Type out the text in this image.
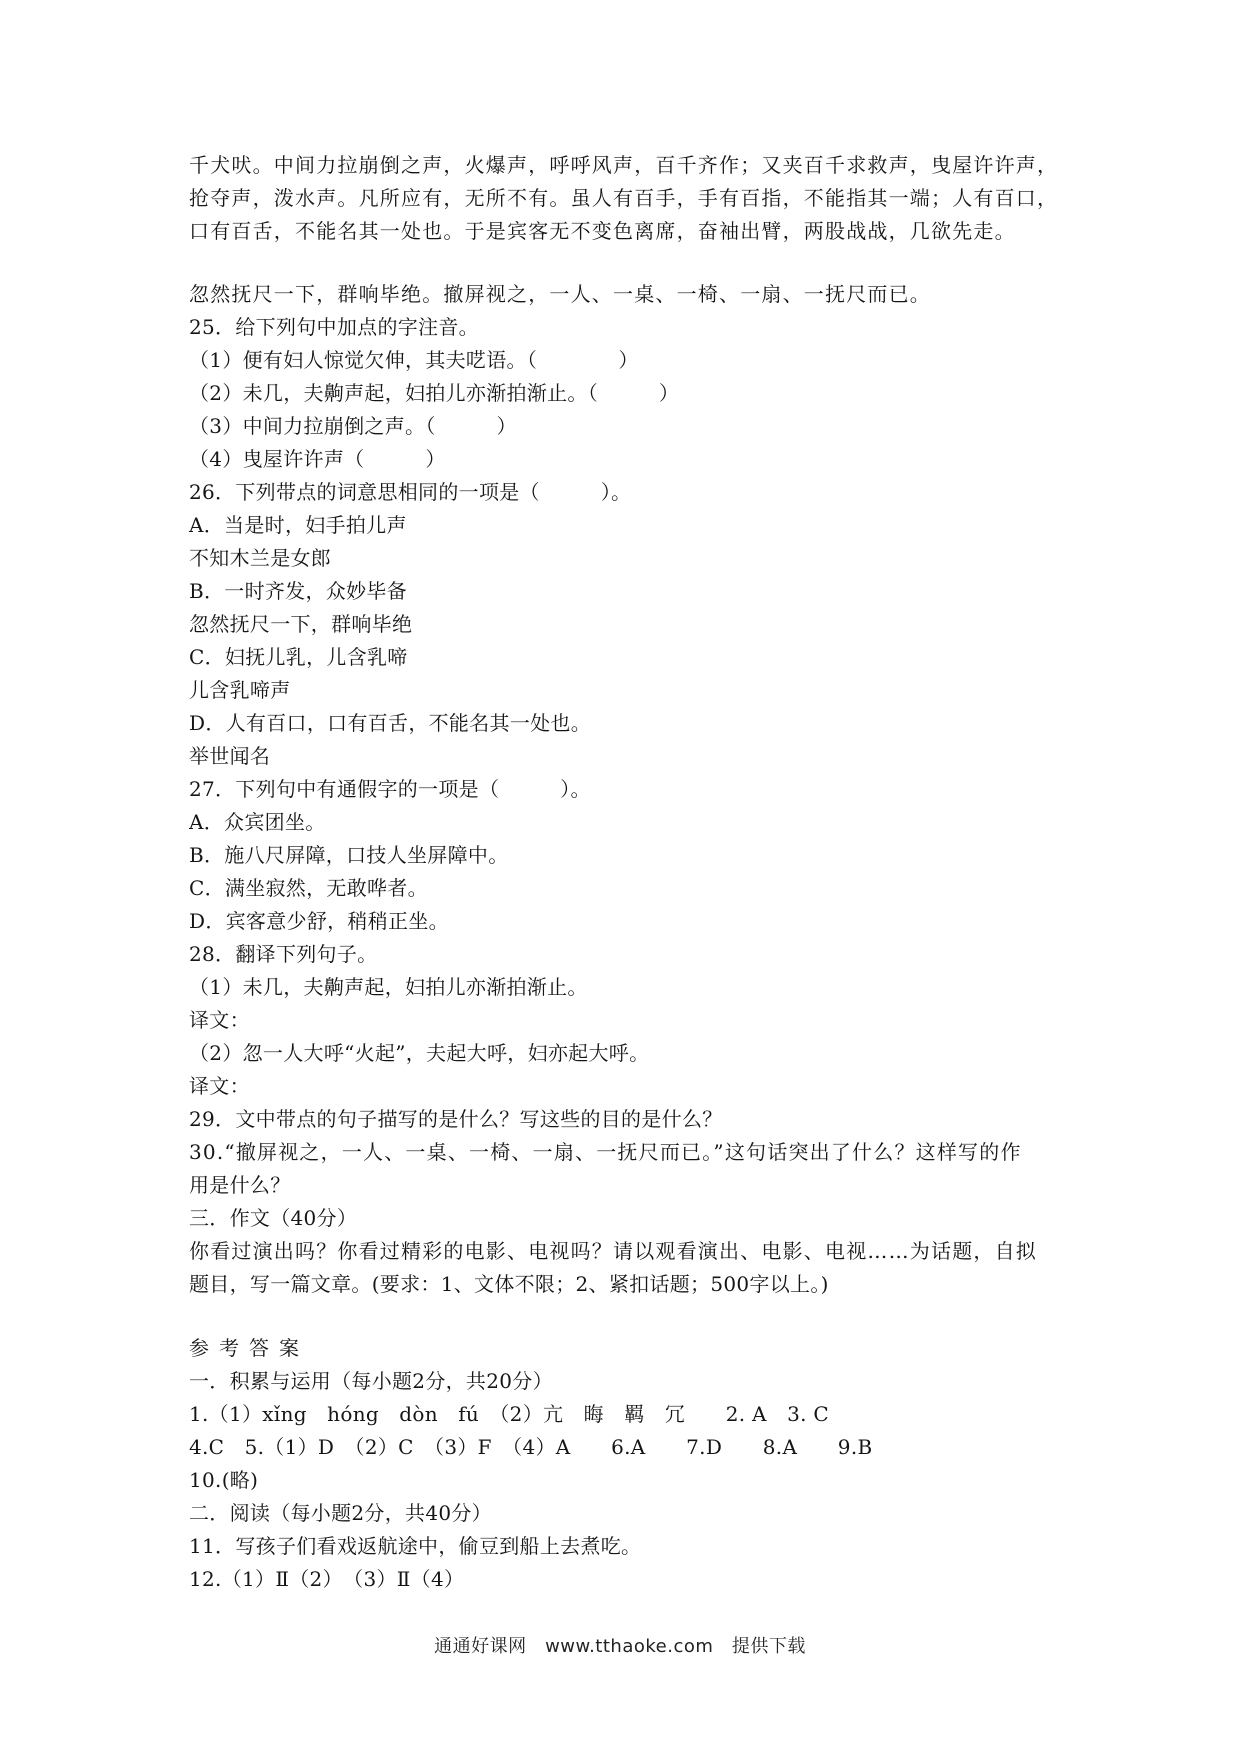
千犬吠。中间力拉崩倒之声，火爆声，呼呼风声，百千齐作；又夹百千求救声，曳屋许许声，
抢夺声，泼水声。凡所应有，无所不有。虽人有百手，手有百指，不能指其一端；人有百口，
口有百舌，不能名其一处也。于是宾客无不变色离席，奋袖出臂，两股战战，几欲先走。
忽然抚尺一下，群响毕绝。撤屏视之，一人、一桌、一椅、一扇、一抚尺而已。
25．给下列句中加点的字注音。
（1）便有妇人惊觉欠伸，其夫呓语。（　　　　）
（2）未几，夫齁声起，妇拍儿亦渐拍渐止。（　　　）
（3）中间力拉崩倒之声。（　　　）
（4）曳屋许许声（　　　）
26．下列带点的词意思相同的一项是（　　　）。
A．当是时，妇手拍儿声
不知木兰是女郎
B．一时齐发，众妙毕备
忽然抚尺一下，群响毕绝
C．妇抚儿乳，儿含乳啼
儿含乳啼声
D．人有百口，口有百舌，不能名其一处也。
举世闻名
27．下列句中有通假字的一项是（　　　）。
A．众宾团坐。
B．施八尺屏障，口技人坐屏障中。
C．满坐寂然，无敢哗者。
D．宾客意少舒，稍稍正坐。
28．翻译下列句子。
（1）未几，夫齁声起，妇拍儿亦渐拍渐止。
译文：
（2）忽一人大呼“火起”，夫起大呼，妇亦起大呼。
译文：
29．文中带点的句子描写的是什么？写这些的目的是什么？
30.“撤屏视之，一人、一桌、一椅、一扇、一抚尺而已。”这句话突出了什么？这样写的作
用是什么？
三．作文（40分）
你看过演出吗？你看过精彩的电影、电视吗？请以观看演出、电影、电视……为话题，自拟
题目，写一篇文章。(要求：1、文体不限；2、紧扣话题；500字以上。)
参考答案
一．积累与运用（每小题2分，共20分）
1.（1）xǐng　hóng　dòn　fú　（2）亢　晦　羁　冗　　2. A　3. C
4.C　5.（1）D　（2）C　（3）F　（4）A　　6.A　　7.D　　8.A　　9.B
10.(略)
二．阅读（每小题2分，共40分）
11．写孩子们看戏返航途中，偷豆到船上去煮吃。
12.（1）Ⅱ（2）　（3）Ⅱ（4）
通通好课网　www.tthaoke.com　提供下载
